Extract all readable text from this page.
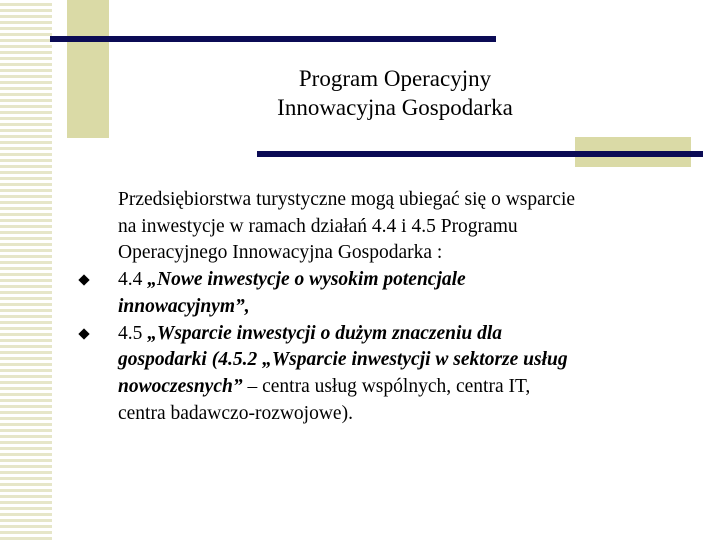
Program Operacyjny
Innowacyjna Gospodarka
Przedsiębiorstwa turystyczne mogą ubiegać się o wsparcie
na inwestycje w ramach działań 4.4 i 4.5 Programu
Operacyjnego Innowacyjna Gospodarka :
4.4 „Nowe inwestycje o wysokim potencjale
innowacyjnym”,
4.5 „Wsparcie inwestycji o dużym znaczeniu dla
gospodarki (4.5.2 „Wsparcie inwestycji w sektorze usług
nowoczesnych” – centra usług wspólnych, centra IT,
centra badawczo-rozwojowe).
